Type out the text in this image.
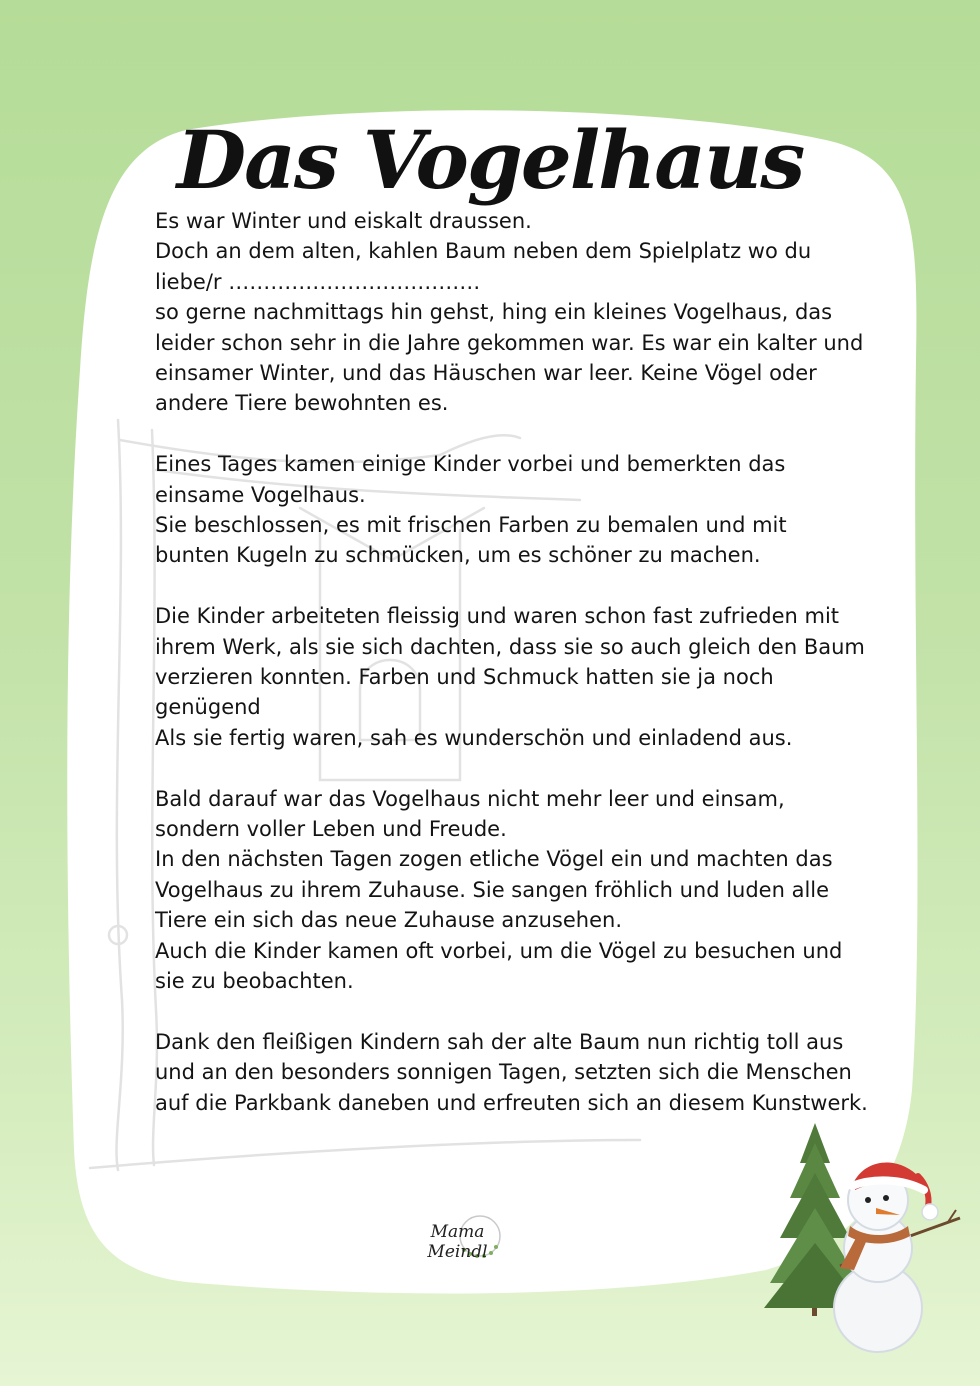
Das Vogelhaus

Es war Winter und eiskalt draussen.
Doch an dem alten, kahlen Baum neben dem Spielplatz wo du
liebe/r ………………………………
so gerne nachmittags hin gehst, hing ein kleines Vogelhaus, das
leider schon sehr in die Jahre gekommen war. Es war ein kalter und
einsamer Winter, und das Häuschen war leer. Keine Vögel oder
andere Tiere bewohnten es.

Eines Tages kamen einige Kinder vorbei und bemerkten das
einsame Vogelhaus.
Sie beschlossen, es mit frischen Farben zu bemalen und mit
bunten Kugeln zu schmücken, um es schöner zu machen.

Die Kinder arbeiteten fleissig und waren schon fast zufrieden mit
ihrem Werk, als sie sich dachten, dass sie so auch gleich den Baum
verzieren konnten. Farben und Schmuck hatten sie ja noch
genügend
Als sie fertig waren, sah es wunderschön und einladend aus.

Bald darauf war das Vogelhaus nicht mehr leer und einsam,
sondern voller Leben und Freude.
In den nächsten Tagen zogen etliche Vögel ein und machten das
Vogelhaus zu ihrem Zuhause. Sie sangen fröhlich und luden alle
Tiere ein sich das neue Zuhause anzusehen.
Auch die Kinder kamen oft vorbei, um die Vögel zu besuchen und
sie zu beobachten.

Dank den fleißigen Kindern sah der alte Baum nun richtig toll aus
und an den besonders sonnigen Tagen, setzten sich die Menschen
auf die Parkbank daneben und erfreuten sich an diesem Kunstwerk.

Mama Meindl
